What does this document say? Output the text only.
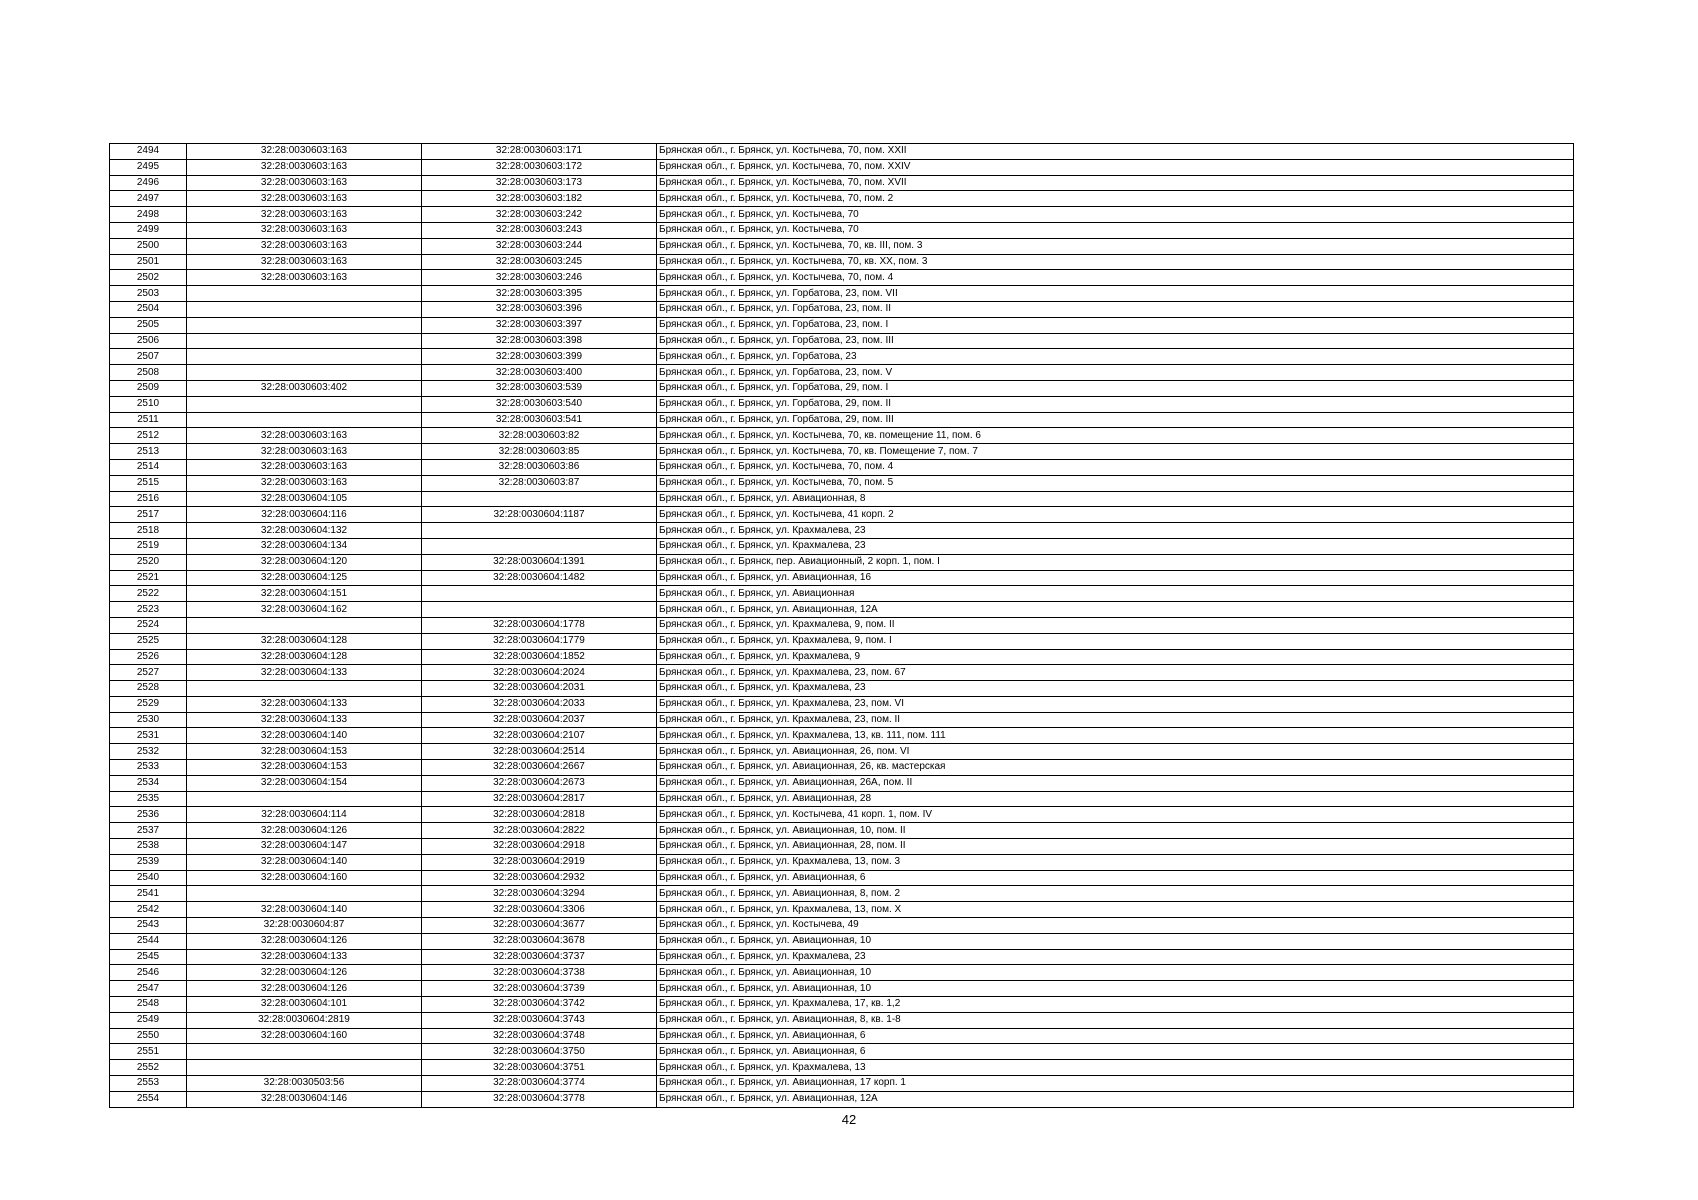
2494	32:28:0030603:163	32:28:0030603:171	Брянская обл., г. Брянск, ул. Костычева, 70, пом. XXII
2495	32:28:0030603:163	32:28:0030603:172	Брянская обл., г. Брянск, ул. Костычева, 70, пом. XXIV
2496	32:28:0030603:163	32:28:0030603:173	Брянская обл., г. Брянск, ул. Костычева, 70, пом. XVII
2497	32:28:0030603:163	32:28:0030603:182	Брянская обл., г. Брянск, ул. Костычева, 70, пом. 2
2498	32:28:0030603:163	32:28:0030603:242	Брянская обл., г. Брянск, ул. Костычева, 70
2499	32:28:0030603:163	32:28:0030603:243	Брянская обл., г. Брянск, ул. Костычева, 70
2500	32:28:0030603:163	32:28:0030603:244	Брянская обл., г. Брянск, ул. Костычева, 70, кв. III, пом. 3
2501	32:28:0030603:163	32:28:0030603:245	Брянская обл., г. Брянск, ул. Костычева, 70, кв. XX, пом. 3
2502	32:28:0030603:163	32:28:0030603:246	Брянская обл., г. Брянск, ул. Костычева, 70, пом. 4
2503		32:28:0030603:395	Брянская обл., г. Брянск, ул. Горбатова, 23, пом. VII
2504		32:28:0030603:396	Брянская обл., г. Брянск, ул. Горбатова, 23, пом. II
2505		32:28:0030603:397	Брянская обл., г. Брянск, ул. Горбатова, 23, пом. I
2506		32:28:0030603:398	Брянская обл., г. Брянск, ул. Горбатова, 23, пом. III
2507		32:28:0030603:399	Брянская обл., г. Брянск, ул. Горбатова, 23
2508		32:28:0030603:400	Брянская обл., г. Брянск, ул. Горбатова, 23, пом. V
2509	32:28:0030603:402	32:28:0030603:539	Брянская обл., г. Брянск, ул. Горбатова, 29, пом. I
2510		32:28:0030603:540	Брянская обл., г. Брянск, ул. Горбатова, 29, пом. II
2511		32:28:0030603:541	Брянская обл., г. Брянск, ул. Горбатова, 29, пом. III
2512	32:28:0030603:163	32:28:0030603:82	Брянская обл., г. Брянск, ул. Костычева, 70, кв. помещение 11, пом. 6
2513	32:28:0030603:163	32:28:0030603:85	Брянская обл., г. Брянск, ул. Костычева, 70, кв. Помещение 7, пом. 7
2514	32:28:0030603:163	32:28:0030603:86	Брянская обл., г. Брянск, ул. Костычева, 70, пом. 4
2515	32:28:0030603:163	32:28:0030603:87	Брянская обл., г. Брянск, ул. Костычева, 70, пом. 5
2516	32:28:0030604:105		Брянская обл., г. Брянск, ул. Авиационная, 8
2517	32:28:0030604:116	32:28:0030604:1187	Брянская обл., г. Брянск, ул. Костычева, 41 корп. 2
2518	32:28:0030604:132		Брянская обл., г. Брянск, ул. Крахмалева, 23
2519	32:28:0030604:134		Брянская обл., г. Брянск, ул. Крахмалева, 23
2520	32:28:0030604:120	32:28:0030604:1391	Брянская обл., г. Брянск, пер. Авиационный, 2 корп. 1, пом. I
2521	32:28:0030604:125	32:28:0030604:1482	Брянская обл., г. Брянск, ул. Авиационная, 16
2522	32:28:0030604:151		Брянская обл., г. Брянск, ул. Авиационная
2523	32:28:0030604:162		Брянская обл., г. Брянск, ул. Авиационная, 12А
2524		32:28:0030604:1778	Брянская обл., г. Брянск, ул. Крахмалева, 9, пом. II
2525	32:28:0030604:128	32:28:0030604:1779	Брянская обл., г. Брянск, ул. Крахмалева, 9, пом. I
2526	32:28:0030604:128	32:28:0030604:1852	Брянская обл., г. Брянск, ул. Крахмалева, 9
2527	32:28:0030604:133	32:28:0030604:2024	Брянская обл., г. Брянск, ул. Крахмалева, 23, пом. 67
2528		32:28:0030604:2031	Брянская обл., г. Брянск, ул. Крахмалева, 23
2529	32:28:0030604:133	32:28:0030604:2033	Брянская обл., г. Брянск, ул. Крахмалева, 23, пом. VI
2530	32:28:0030604:133	32:28:0030604:2037	Брянская обл., г. Брянск, ул. Крахмалева, 23, пом. II
2531	32:28:0030604:140	32:28:0030604:2107	Брянская обл., г. Брянск, ул. Крахмалева, 13, кв. 111, пом. 111
2532	32:28:0030604:153	32:28:0030604:2514	Брянская обл., г. Брянск, ул. Авиационная, 26, пом. VI
2533	32:28:0030604:153	32:28:0030604:2667	Брянская обл., г. Брянск, ул. Авиационная, 26, кв. мастерская
2534	32:28:0030604:154	32:28:0030604:2673	Брянская обл., г. Брянск, ул. Авиационная, 26А, пом. II
2535		32:28:0030604:2817	Брянская обл., г. Брянск, ул. Авиационная, 28
2536	32:28:0030604:114	32:28:0030604:2818	Брянская обл., г. Брянск, ул. Костычева, 41 корп. 1, пом. IV
2537	32:28:0030604:126	32:28:0030604:2822	Брянская обл., г. Брянск, ул. Авиационная, 10, пом. II
2538	32:28:0030604:147	32:28:0030604:2918	Брянская обл., г. Брянск, ул. Авиационная, 28, пом. II
2539	32:28:0030604:140	32:28:0030604:2919	Брянская обл., г. Брянск, ул. Крахмалева, 13, пом. 3
2540	32:28:0030604:160	32:28:0030604:2932	Брянская обл., г. Брянск, ул. Авиационная, 6
2541		32:28:0030604:3294	Брянская обл., г. Брянск, ул. Авиационная, 8, пом. 2
2542	32:28:0030604:140	32:28:0030604:3306	Брянская обл., г. Брянск, ул. Крахмалева, 13, пом. X
2543	32:28:0030604:87	32:28:0030604:3677	Брянская обл., г. Брянск, ул. Костычева, 49
2544	32:28:0030604:126	32:28:0030604:3678	Брянская обл., г. Брянск, ул. Авиационная, 10
2545	32:28:0030604:133	32:28:0030604:3737	Брянская обл., г. Брянск, ул. Крахмалева, 23
2546	32:28:0030604:126	32:28:0030604:3738	Брянская обл., г. Брянск, ул. Авиационная, 10
2547	32:28:0030604:126	32:28:0030604:3739	Брянская обл., г. Брянск, ул. Авиационная, 10
2548	32:28:0030604:101	32:28:0030604:3742	Брянская обл., г. Брянск, ул. Крахмалева, 17, кв. 1,2
2549	32:28:0030604:2819	32:28:0030604:3743	Брянская обл., г. Брянск, ул. Авиационная, 8, кв. 1-8
2550	32:28:0030604:160	32:28:0030604:3748	Брянская обл., г. Брянск, ул. Авиационная, 6
2551		32:28:0030604:3750	Брянская обл., г. Брянск, ул. Авиационная, 6
2552		32:28:0030604:3751	Брянская обл., г. Брянск, ул. Крахмалева, 13
2553	32:28:0030503:56	32:28:0030604:3774	Брянская обл., г. Брянск, ул. Авиационная, 17 корп. 1
2554	32:28:0030604:146	32:28:0030604:3778	Брянская обл., г. Брянск, ул. Авиационная, 12А
42
